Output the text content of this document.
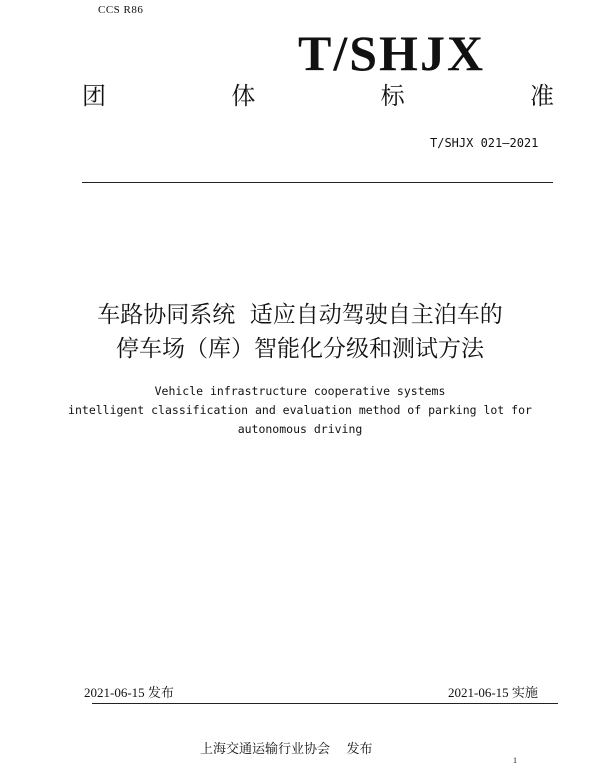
CCS R86
T/SHJX
团	体	标	准
T/SHJX 021—2021
车路协同系统  适应自动驾驶自主泊车的
停车场（库）智能化分级和测试方法
Vehicle infrastructure cooperative systems
intelligent classification and evaluation method of parking lot for
autonomous driving
2021-06-15 发布	2021-06-15 实施
上海交通运输行业协会    发布
1
